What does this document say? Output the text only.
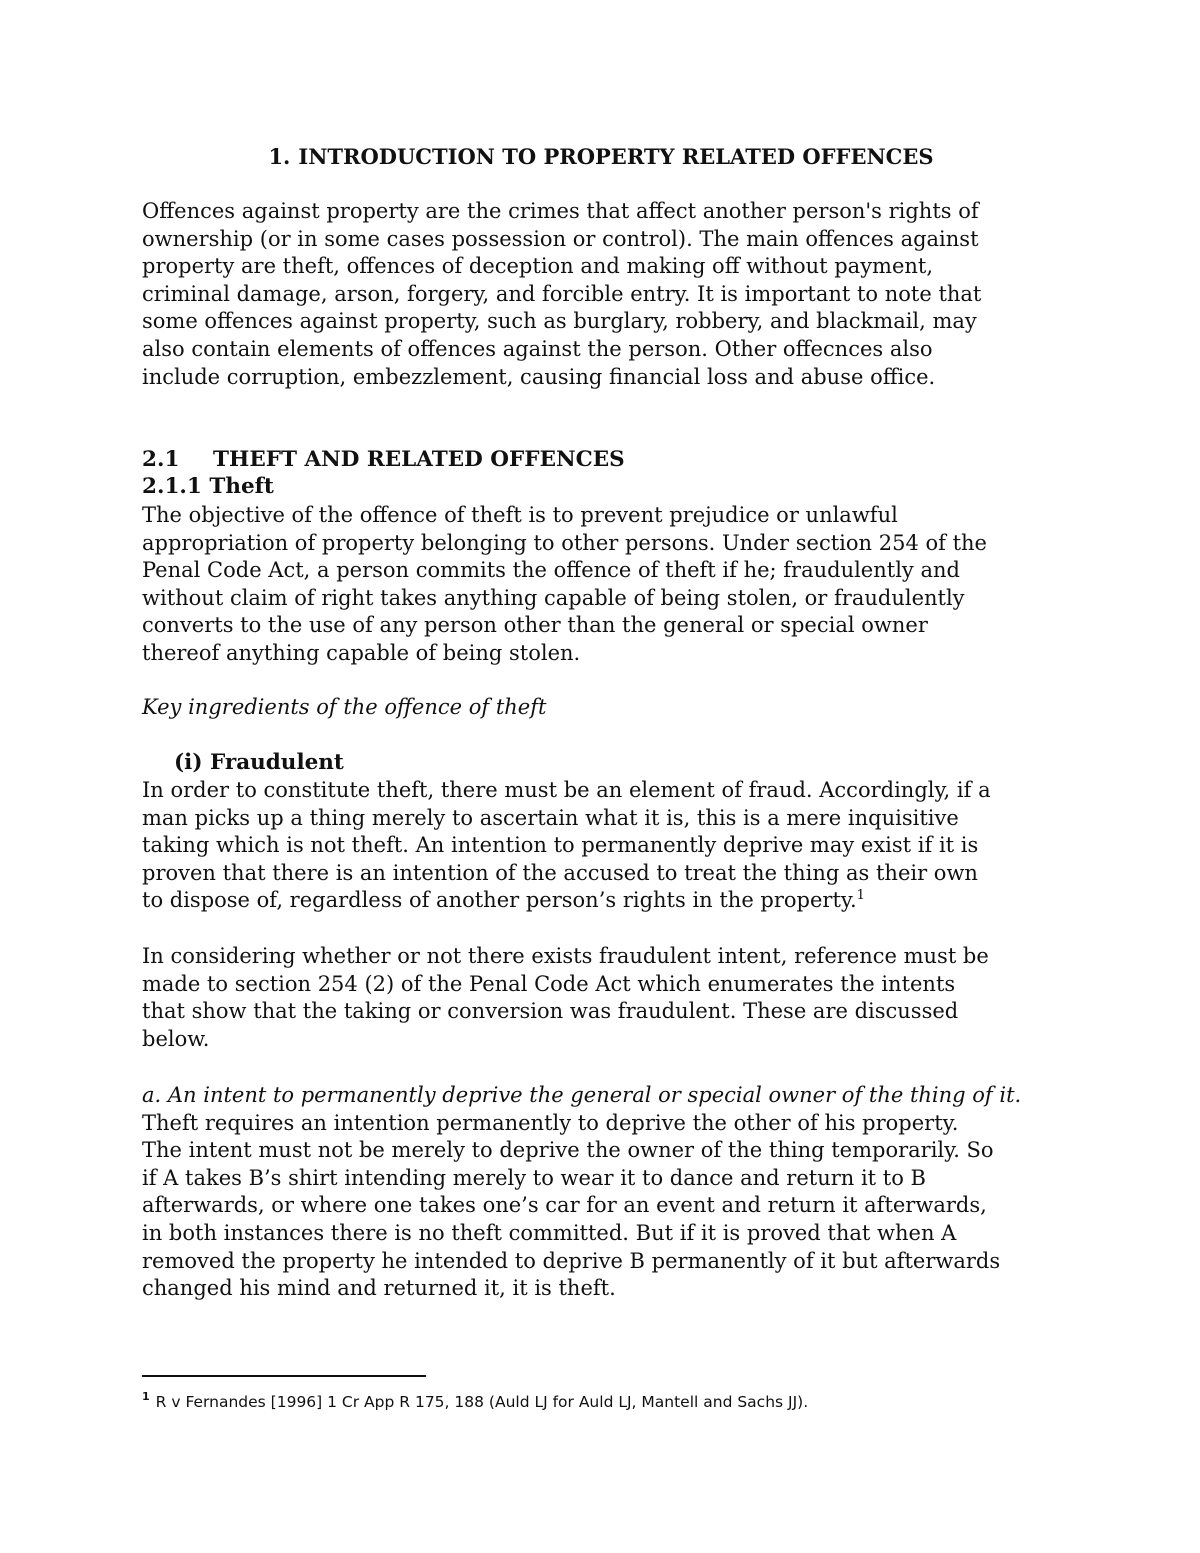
1. INTRODUCTION TO PROPERTY RELATED OFFENCES
Offences against property are the crimes that affect another person's rights of
ownership (or in some cases possession or control). The main offences against
property are theft, offences of deception and making off without payment,
criminal damage, arson, forgery, and forcible entry. It is important to note that
some offences against property, such as burglary, robbery, and blackmail, may
also contain elements of offences against the person. Other offecnces also
include corruption, embezzlement, causing financial loss and abuse office.
2.1 THEFT AND RELATED OFFENCES
2.1.1 Theft
The objective of the offence of theft is to prevent prejudice or unlawful
appropriation of property belonging to other persons. Under section 254 of the
Penal Code Act, a person commits the offence of theft if he; fraudulently and
without claim of right takes anything capable of being stolen, or fraudulently
converts to the use of any person other than the general or special owner
thereof anything capable of being stolen.
Key ingredients of the offence of theft
(i) Fraudulent
In order to constitute theft, there must be an element of fraud. Accordingly, if a
man picks up a thing merely to ascertain what it is, this is a mere inquisitive
taking which is not theft. An intention to permanently deprive may exist if it is
proven that there is an intention of the accused to treat the thing as their own
to dispose of, regardless of another person’s rights in the property.$^1$
In considering whether or not there exists fraudulent intent, reference must be
made to section 254 (2) of the Penal Code Act which enumerates the intents
that show that the taking or conversion was fraudulent. These are discussed
below.
a. An intent to permanently deprive the general or special owner of the thing of it.
Theft requires an intention permanently to deprive the other of his property.
The intent must not be merely to deprive the owner of the thing temporarily. So
if A takes B’s shirt intending merely to wear it to dance and return it to B
afterwards, or where one takes one’s car for an event and return it afterwards,
in both instances there is no theft committed. But if it is proved that when A
removed the property he intended to deprive B permanently of it but afterwards
changed his mind and returned it, it is theft.
$^1$ R v Fernandes [1996] 1 Cr App R 175, 188 (Auld LJ for Auld LJ, Mantell and Sachs JJ).
